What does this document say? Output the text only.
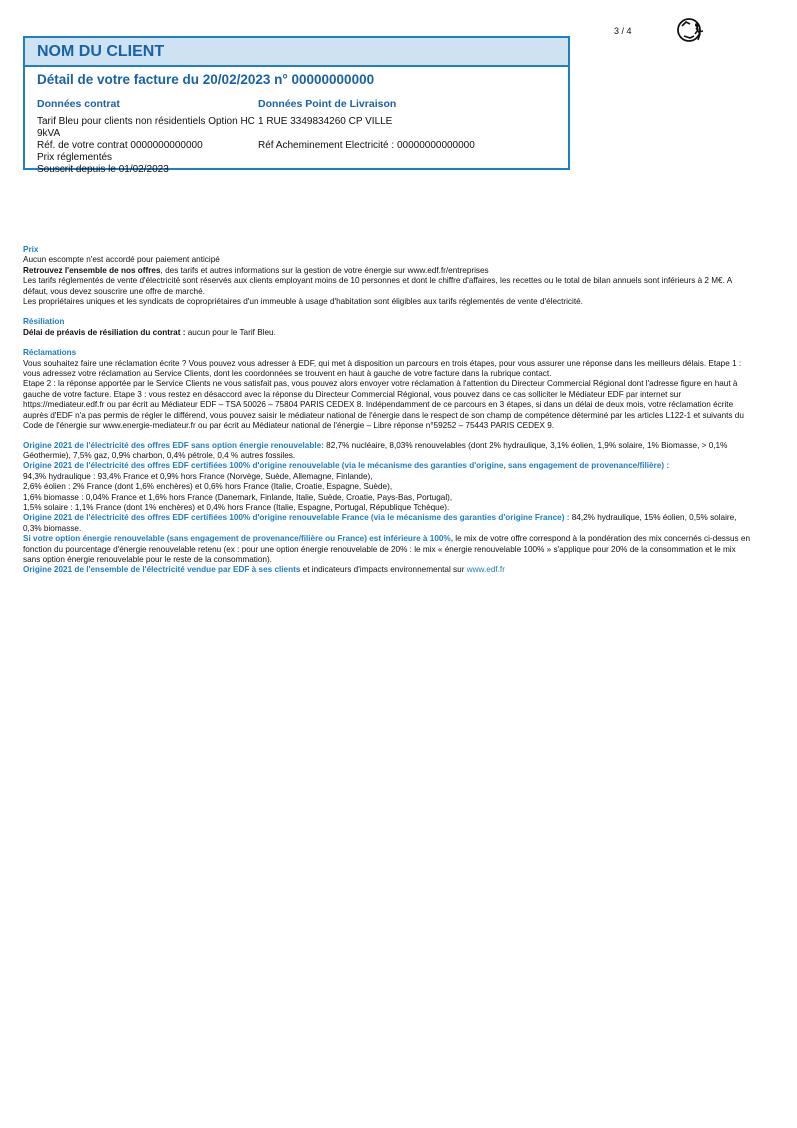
3 / 4
NOM DU CLIENT
Détail de votre facture du 20/02/2023 n° 00000000000
Données contrat
Tarif Bleu pour clients non résidentiels Option HC 9kVA
Réf. de votre contrat 0000000000000
Prix réglementés
Souscrit depuis le 01/02/2023
Données Point de Livraison
1 RUE 3349834260 CP VILLE
Réf Acheminement Electricité : 00000000000000
Prix

Aucun escompte n'est accordé pour paiement anticipé

Retrouvez l'ensemble de nos offres, des tarifs et autres informations sur la gestion de votre énergie sur www.edf.fr/entreprises

Les tarifs réglementés de vente d'électricité sont réservés aux clients employant moins de 10 personnes et dont le chiffre d'affaires, les recettes ou le total de bilan annuels sont inférieurs à 2 M€. A défaut, vous devez souscrire une offre de marché.

Les propriétaires uniques et les syndicats de copropriétaires d'un immeuble à usage d'habitation sont éligibles aux tarifs réglementés de vente d'électricité.

Résiliation

Délai de préavis de résiliation du contrat : aucun pour le Tarif Bleu.

Réclamations

Vous souhaitez faire une réclamation écrite ? Vous pouvez vous adresser à EDF, qui met à disposition un parcours en trois étapes, pour vous assurer une réponse dans les meilleurs délais. Etape 1 : vous adressez votre réclamation au Service Clients, dont les coordonnées se trouvent en haut à gauche de votre facture dans la rubrique contact.

Etape 2 : la réponse apportée par le Service Clients ne vous satisfait pas, vous pouvez alors envoyer votre réclamation à l'attention du Directeur Commercial Régional dont l'adresse figure en haut à gauche de votre facture. Etape 3 : vous restez en désaccord avec la réponse du Directeur Commercial Régional, vous pouvez dans ce cas solliciter le Médiateur EDF par internet sur https://mediateur.edf.fr ou par écrit au Médiateur EDF – TSA 50026 – 75804 PARIS CEDEX 8. Indépendamment de ce parcours en 3 étapes, si dans un délai de deux mois, votre réclamation écrite auprès d'EDF n'a pas permis de régler le différend, vous pouvez saisir le médiateur national de l'énergie dans le respect de son champ de compétence déterminé par les articles L122-1 et suivants du Code de l'énergie sur www.energie-mediateur.fr ou par écrit au Médiateur national de l'énergie – Libre réponse n°59252 – 75443 PARIS CEDEX 9.

Origine 2021 de l'électricité des offres EDF sans option énergie renouvelable: 82,7% nucléaire, 8,03% renouvelables (dont 2% hydraulique, 3,1% éolien, 1,9% solaire, 1% Biomasse, > 0,1% Géothermie), 7,5% gaz, 0,9% charbon, 0,4% pétrole, 0,4 % autres fossiles.

Origine 2021 de l'électricité des offres EDF certifiées 100% d'origine renouvelable (via le mécanisme des garanties d'origine, sans engagement de provenance/filière) :

94,3% hydraulique : 93,4% France et 0,9% hors France (Norvège, Suède, Allemagne, Finlande),

2,6% éolien : 2% France (dont 1,6% enchères) et 0,6% hors France (Italie, Croatie, Espagne, Suède),

1,6% biomasse : 0,04% France et 1,6% hors France (Danemark, Finlande, Italie, Suède, Croatie, Pays-Bas, Portugal),

1,5% solaire : 1,1% France (dont 1% enchères) et 0,4% hors France (Italie, Espagne, Portugal, République Tchèque).

Origine 2021 de l'électricité des offres EDF certifiées 100% d'origine renouvelable France (via le mécanisme des garanties d'origine France) : 84,2% hydraulique, 15% éolien, 0,5% solaire, 0,3% biomasse.

Si votre option énergie renouvelable (sans engagement de provenance/filière ou France) est inférieure à 100%, le mix de votre offre correspond à la pondération des mix concernés ci-dessus en fonction du pourcentage d'énergie renouvelable retenu (ex : pour une option énergie renouvelable de 20% : le mix « énergie renouvelable 100% » s'applique pour 20% de la consommation et le mix sans option énergie renouvelable pour le reste de la consommation).

Origine 2021 de l'ensemble de l'électricité vendue par EDF à ses clients et indicateurs d'impacts environnemental sur www.edf.fr
